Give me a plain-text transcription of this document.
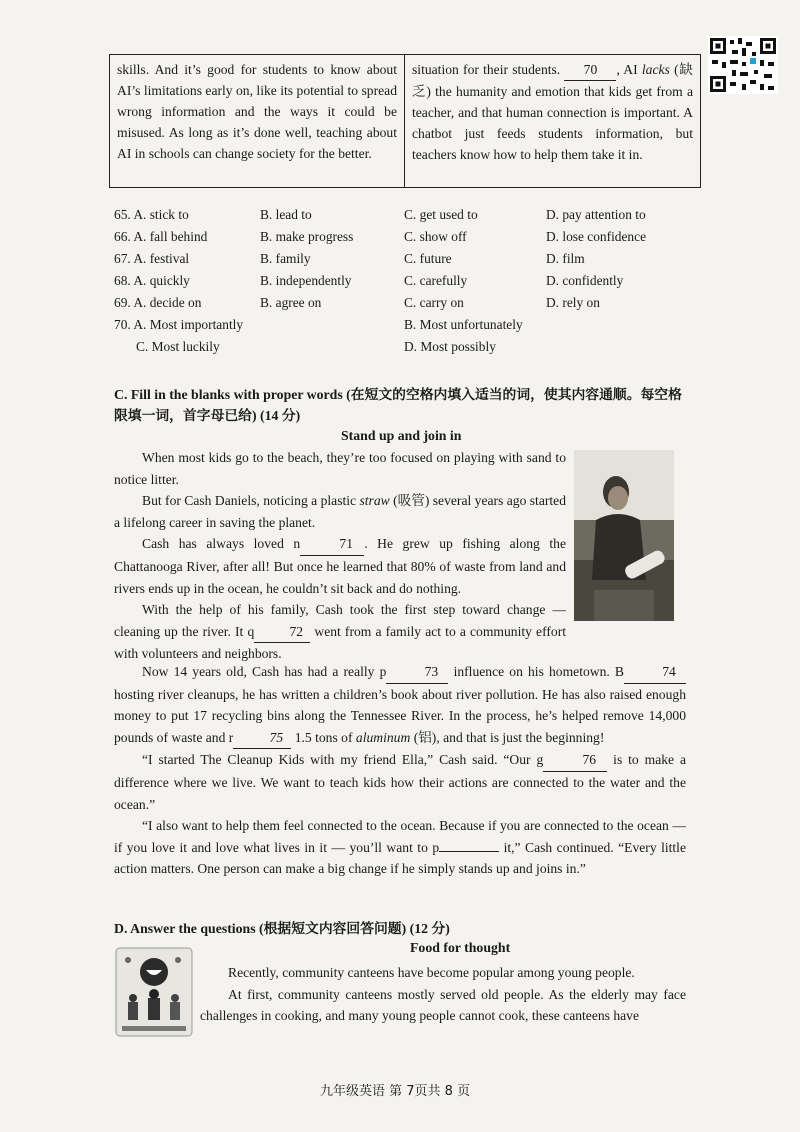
skills. And it’s good for students to know about AI’s limitations early on, like its potential to spread wrong information and the ways it could be misused. As long as it’s done well, teaching about AI in schools can change society for the better.
situation for their students. 70 , AI lacks (缺乏) the humanity and emotion that kids get from a teacher, and that human connection is important. A chatbot just feeds students information, but teachers know how to help them take it in.
65. A. stick to	B. lead to	C. get used to	D. pay attention to
66. A. fall behind	B. make progress	C. show off	D. lose confidence
67. A. festival	B. family	C. future	D. film
68. A. quickly	B. independently	C. carefully	D. confidently
69. A. decide on	B. agree on	C. carry on	D. rely on
70. A. Most importantly	B. Most unfortunately
C. Most luckily	D. Most possibly
C. Fill in the blanks with proper words (在短文的空格内填入适当的词，使其内容通顺。每空格限填一词，首字母已给) (14 分)
Stand up and join in

When most kids go to the beach, they’re too focused on playing with sand to notice litter.

But for Cash Daniels, noticing a plastic straw (吸管) several years ago started a lifelong career in saving the planet.

Cash has always loved n	71 . He grew up fishing along the Chattanooga River, after all! But once he learned that 80% of waste from land and rivers ends up in the ocean, he couldn’t sit back and do nothing.

With the help of his family, Cash took the first step toward change — cleaning up the river. It q	72 went from a family act to a community effort with volunteers and neighbors.

Now 14 years old, Cash has had a really p	73 influence on his hometown. B	74 hosting river cleanups, he has written a children’s book about river pollution. He has also raised enough money to put 17 recycling bins along the Tennessee River. In the process, he’s helped remove 14,000 pounds of waste and r	75 1.5 tons of aluminum (铝), and that is just the beginning!

“I started The Cleanup Kids with my friend Ella,” Cash said. “Our g	76 is to make a difference where we live. We want to teach kids how their actions are connected to the water and the ocean.”

“I also want to help them feel connected to the ocean. Because if you are connected to the ocean — if you love it and love what lives in it — you’ll want to p	it,” Cash continued. “Every little action matters. One person can make a big change if he simply stands up and joins in.”

D. Answer the questions (根据短文内容回答问题) (12 分)
Food for thought

Recently, community canteens have become popular among young people.

At first, community canteens mostly served old people. As the elderly may face challenges in cooking, and many young people cannot cook, these canteens have

九年级英语 第 7页共 8 页
